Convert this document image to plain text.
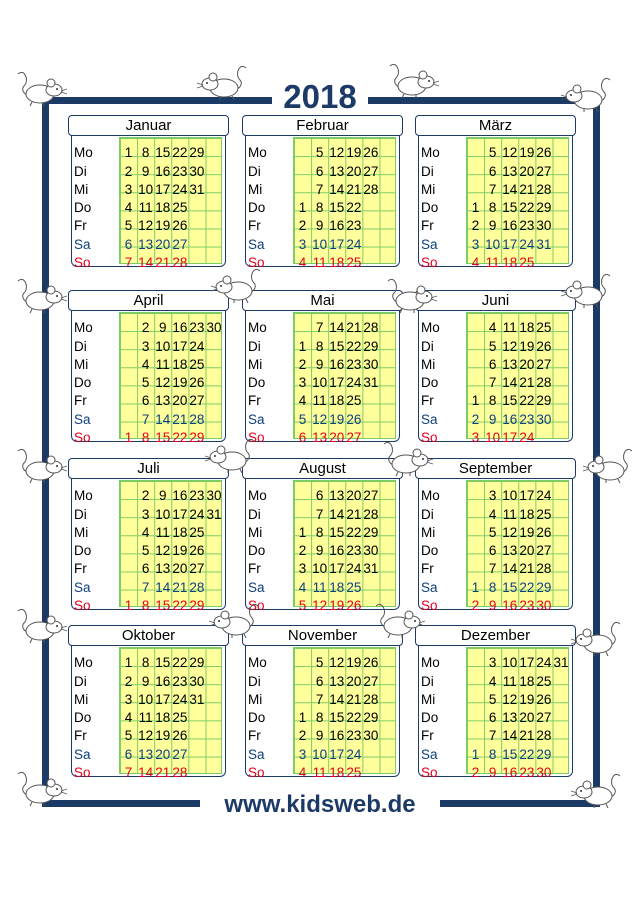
2018
www.kidsweb.de
Januar
Mo	1 8 15 22 29
Di	2 9 16 23 30
Mi	3 10 17 24 31
Do	4 11 18 25
Fr	5 12 19 26
Sa	6 13 20 27
So	7 14 21 28
Februar
Mo	5 12 19 26
Di	6 13 20 27
Mi	7 14 21 28
Do	1 8 15 22
Fr	2 9 16 23
Sa	3 10 17 24
So	4 11 18 25
März
Mo	5 12 19 26
Di	6 13 20 27
Mi	7 14 21 28
Do	1 8 15 22 29
Fr	2 9 16 23 30
Sa	3 10 17 24 31
So	4 11 18 25
April
Mo	2 9 16 23 30
Di	3 10 17 24
Mi	4 11 18 25
Do	5 12 19 26
Fr	6 13 20 27
Sa	7 14 21 28
So	1 8 15 22 29
Mai
Mo	7 14 21 28
Di	1 8 15 22 29
Mi	2 9 16 23 30
Do	3 10 17 24 31
Fr	4 11 18 25
Sa	5 12 19 26
So	6 13 20 27
Juni
Mo	4 11 18 25
Di	5 12 19 26
Mi	6 13 20 27
Do	7 14 21 28
Fr	1 8 15 22 29
Sa	2 9 16 23 30
So	3 10 17 24
Juli
Mo	2 9 16 23 30
Di	3 10 17 24 31
Mi	4 11 18 25
Do	5 12 19 26
Fr	6 13 20 27
Sa	7 14 21 28
So	1 8 15 22 29
August
Mo	6 13 20 27
Di	7 14 21 28
Mi	1 8 15 22 29
Do	2 9 16 23 30
Fr	3 10 17 24 31
Sa	4 11 18 25
So	5 12 19 26
September
Mo	3 10 17 24
Di	4 11 18 25
Mi	5 12 19 26
Do	6 13 20 27
Fr	7 14 21 28
Sa	1 8 15 22 29
So	2 9 16 23 30
Oktober
Mo	1 8 15 22 29
Di	2 9 16 23 30
Mi	3 10 17 24 31
Do	4 11 18 25
Fr	5 12 19 26
Sa	6 13 20 27
So	7 14 21 28
November
Mo	5 12 19 26
Di	6 13 20 27
Mi	7 14 21 28
Do	1 8 15 22 29
Fr	2 9 16 23 30
Sa	3 10 17 24
So	4 11 18 25
Dezember
Mo	3 10 17 24 31
Di	4 11 18 25
Mi	5 12 19 26
Do	6 13 20 27
Fr	7 14 21 28
Sa	1 8 15 22 29
So	2 9 16 23 30
